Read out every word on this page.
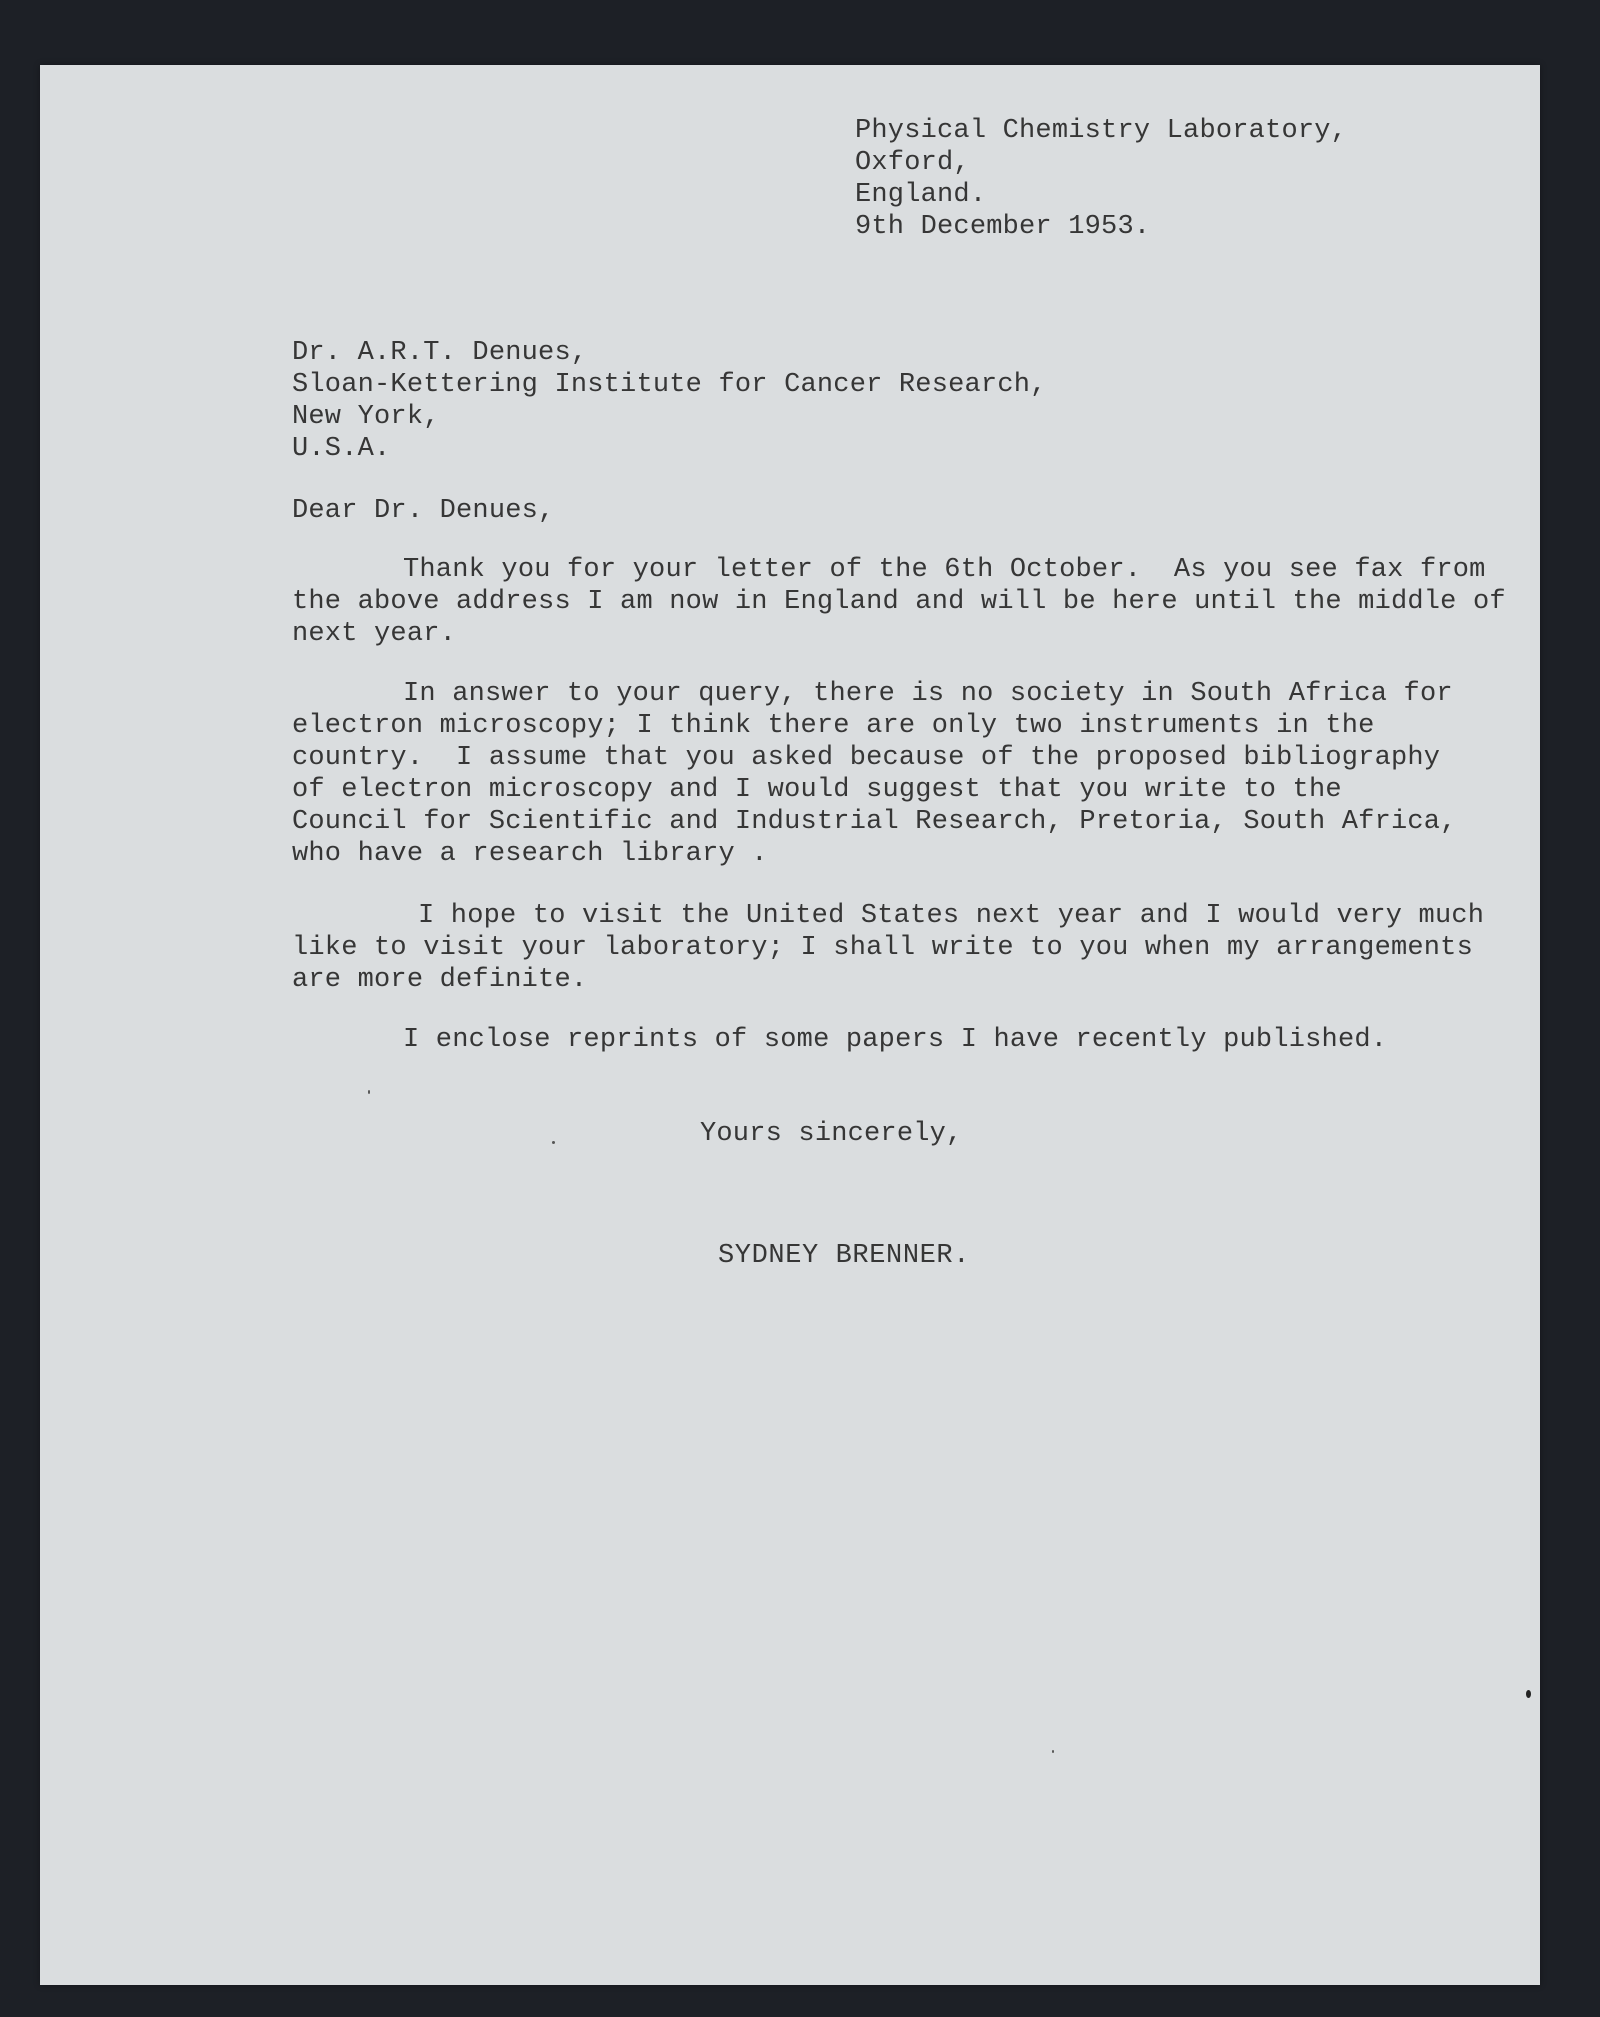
Physical Chemistry Laboratory,
Oxford,
England.
9th December 1953.
Dr. A.R.T. Denues,
Sloan-Kettering Institute for Cancer Research,
New York,
U.S.A.
Dear Dr. Denues,
Thank you for your letter of the 6th October.  As you see fax from
the above address I am now in England and will be here until the middle of
next year.
In answer to your query, there is no society in South Africa for
electron microscopy; I think there are only two instruments in the
country.  I assume that you asked because of the proposed bibliography
of electron microscopy and I would suggest that you write to the
Council for Scientific and Industrial Research, Pretoria, South Africa,
who have a research library .
I hope to visit the United States next year and I would very much
like to visit your laboratory; I shall write to you when my arrangements
are more definite.
I enclose reprints of some papers I have recently published.
Yours sincerely,
SYDNEY BRENNER.
